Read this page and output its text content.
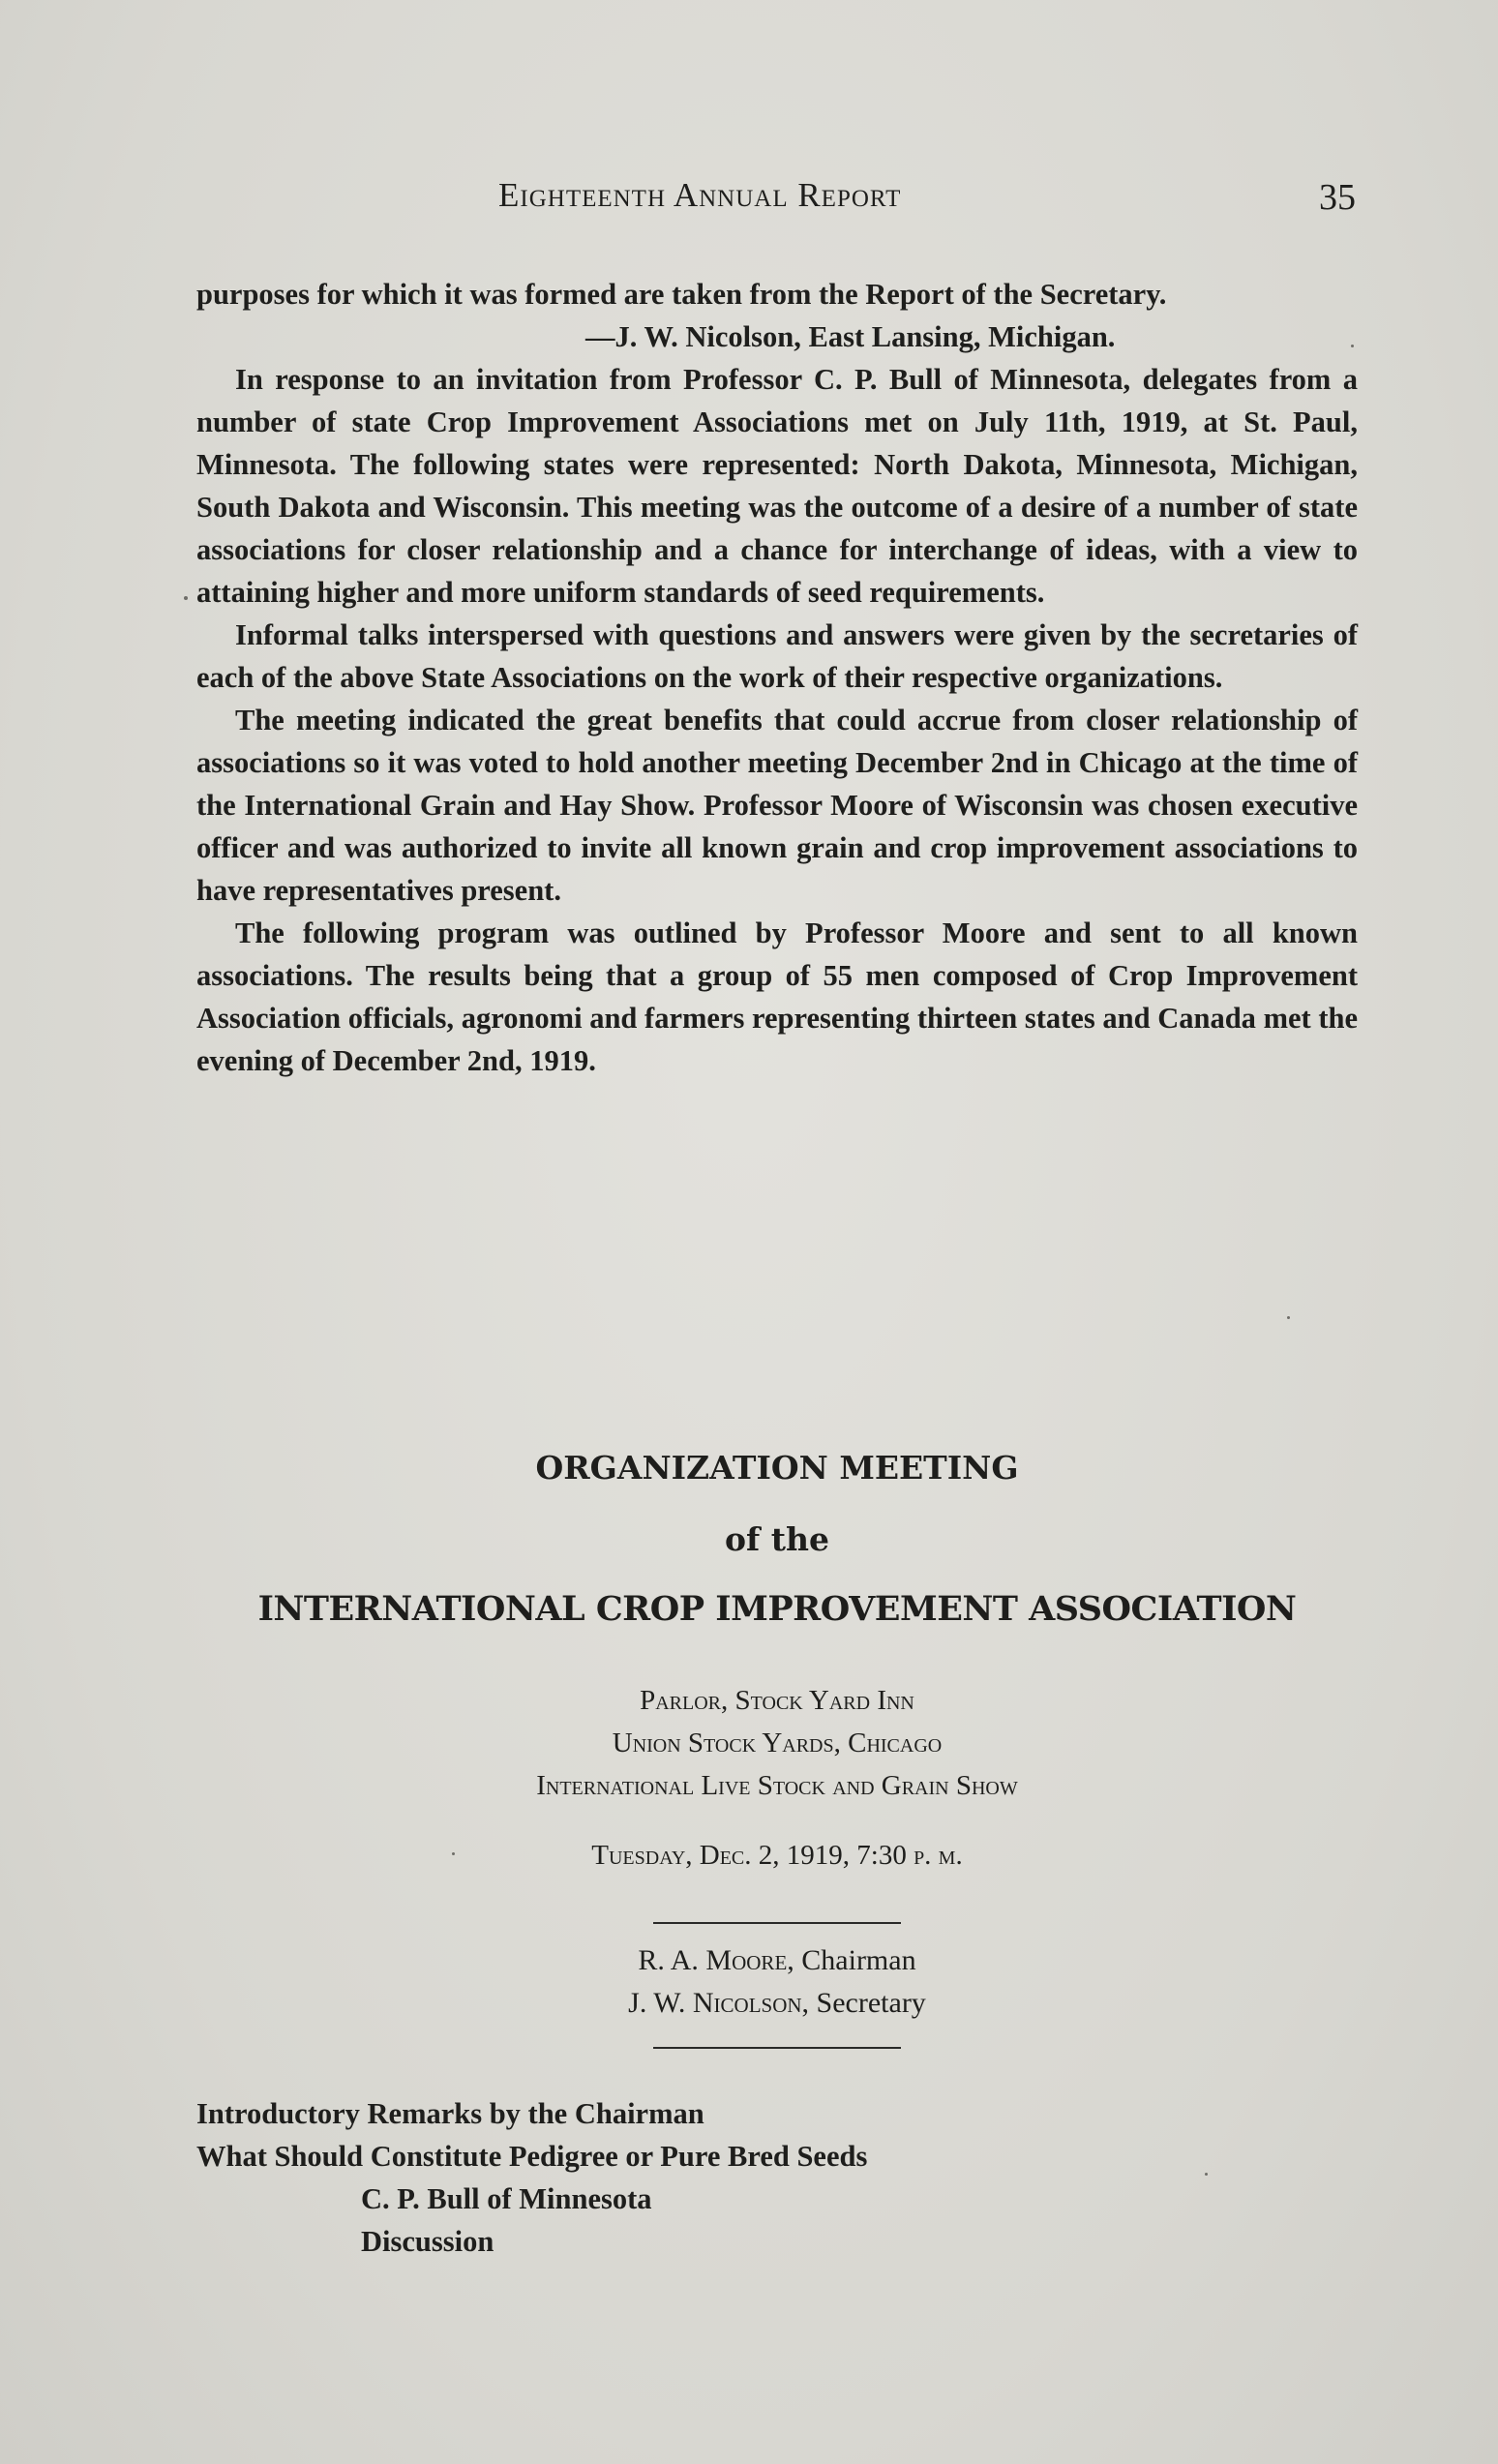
Eighteenth Annual Report	35

purposes for which it was formed are taken from the Report of the Secretary.

—J. W. Nicolson, East Lansing, Michigan.

In response to an invitation from Professor C. P. Bull of Minnesota, delegates from a number of state Crop Improvement Associations met on July 11th, 1919, at St. Paul, Minnesota. The following states were represented: North Dakota, Minnesota, Michigan, South Dakota and Wisconsin. This meeting was the outcome of a desire of a number of state associations for closer relationship and a chance for interchange of ideas, with a view to attaining higher and more uniform standards of seed requirements.

Informal talks interspersed with questions and answers were given by the secretaries of each of the above State Associations on the work of their respective organizations.

The meeting indicated the great benefits that could accrue from closer relationship of associations so it was voted to hold another meeting December 2nd in Chicago at the time of the International Grain and Hay Show. Professor Moore of Wisconsin was chosen executive officer and was authorized to invite all known grain and crop improvement associations to have representatives present.

The following program was outlined by Professor Moore and sent to all known associations. The results being that a group of 55 men composed of Crop Improvement Association officials, agronomi and farmers representing thirteen states and Canada met the evening of December 2nd, 1919.

ORGANIZATION MEETING
of the
INTERNATIONAL CROP IMPROVEMENT ASSOCIATION
Parlor, Stock Yard Inn
Union Stock Yards, Chicago
International Live Stock and Grain Show
Tuesday, Dec. 2, 1919, 7:30 p. m.
R. A. Moore, Chairman
J. W. Nicolson, Secretary
Introductory Remarks by the Chairman
What Should Constitute Pedigree or Pure Bred Seeds
C. P. Bull of Minnesota
Discussion
